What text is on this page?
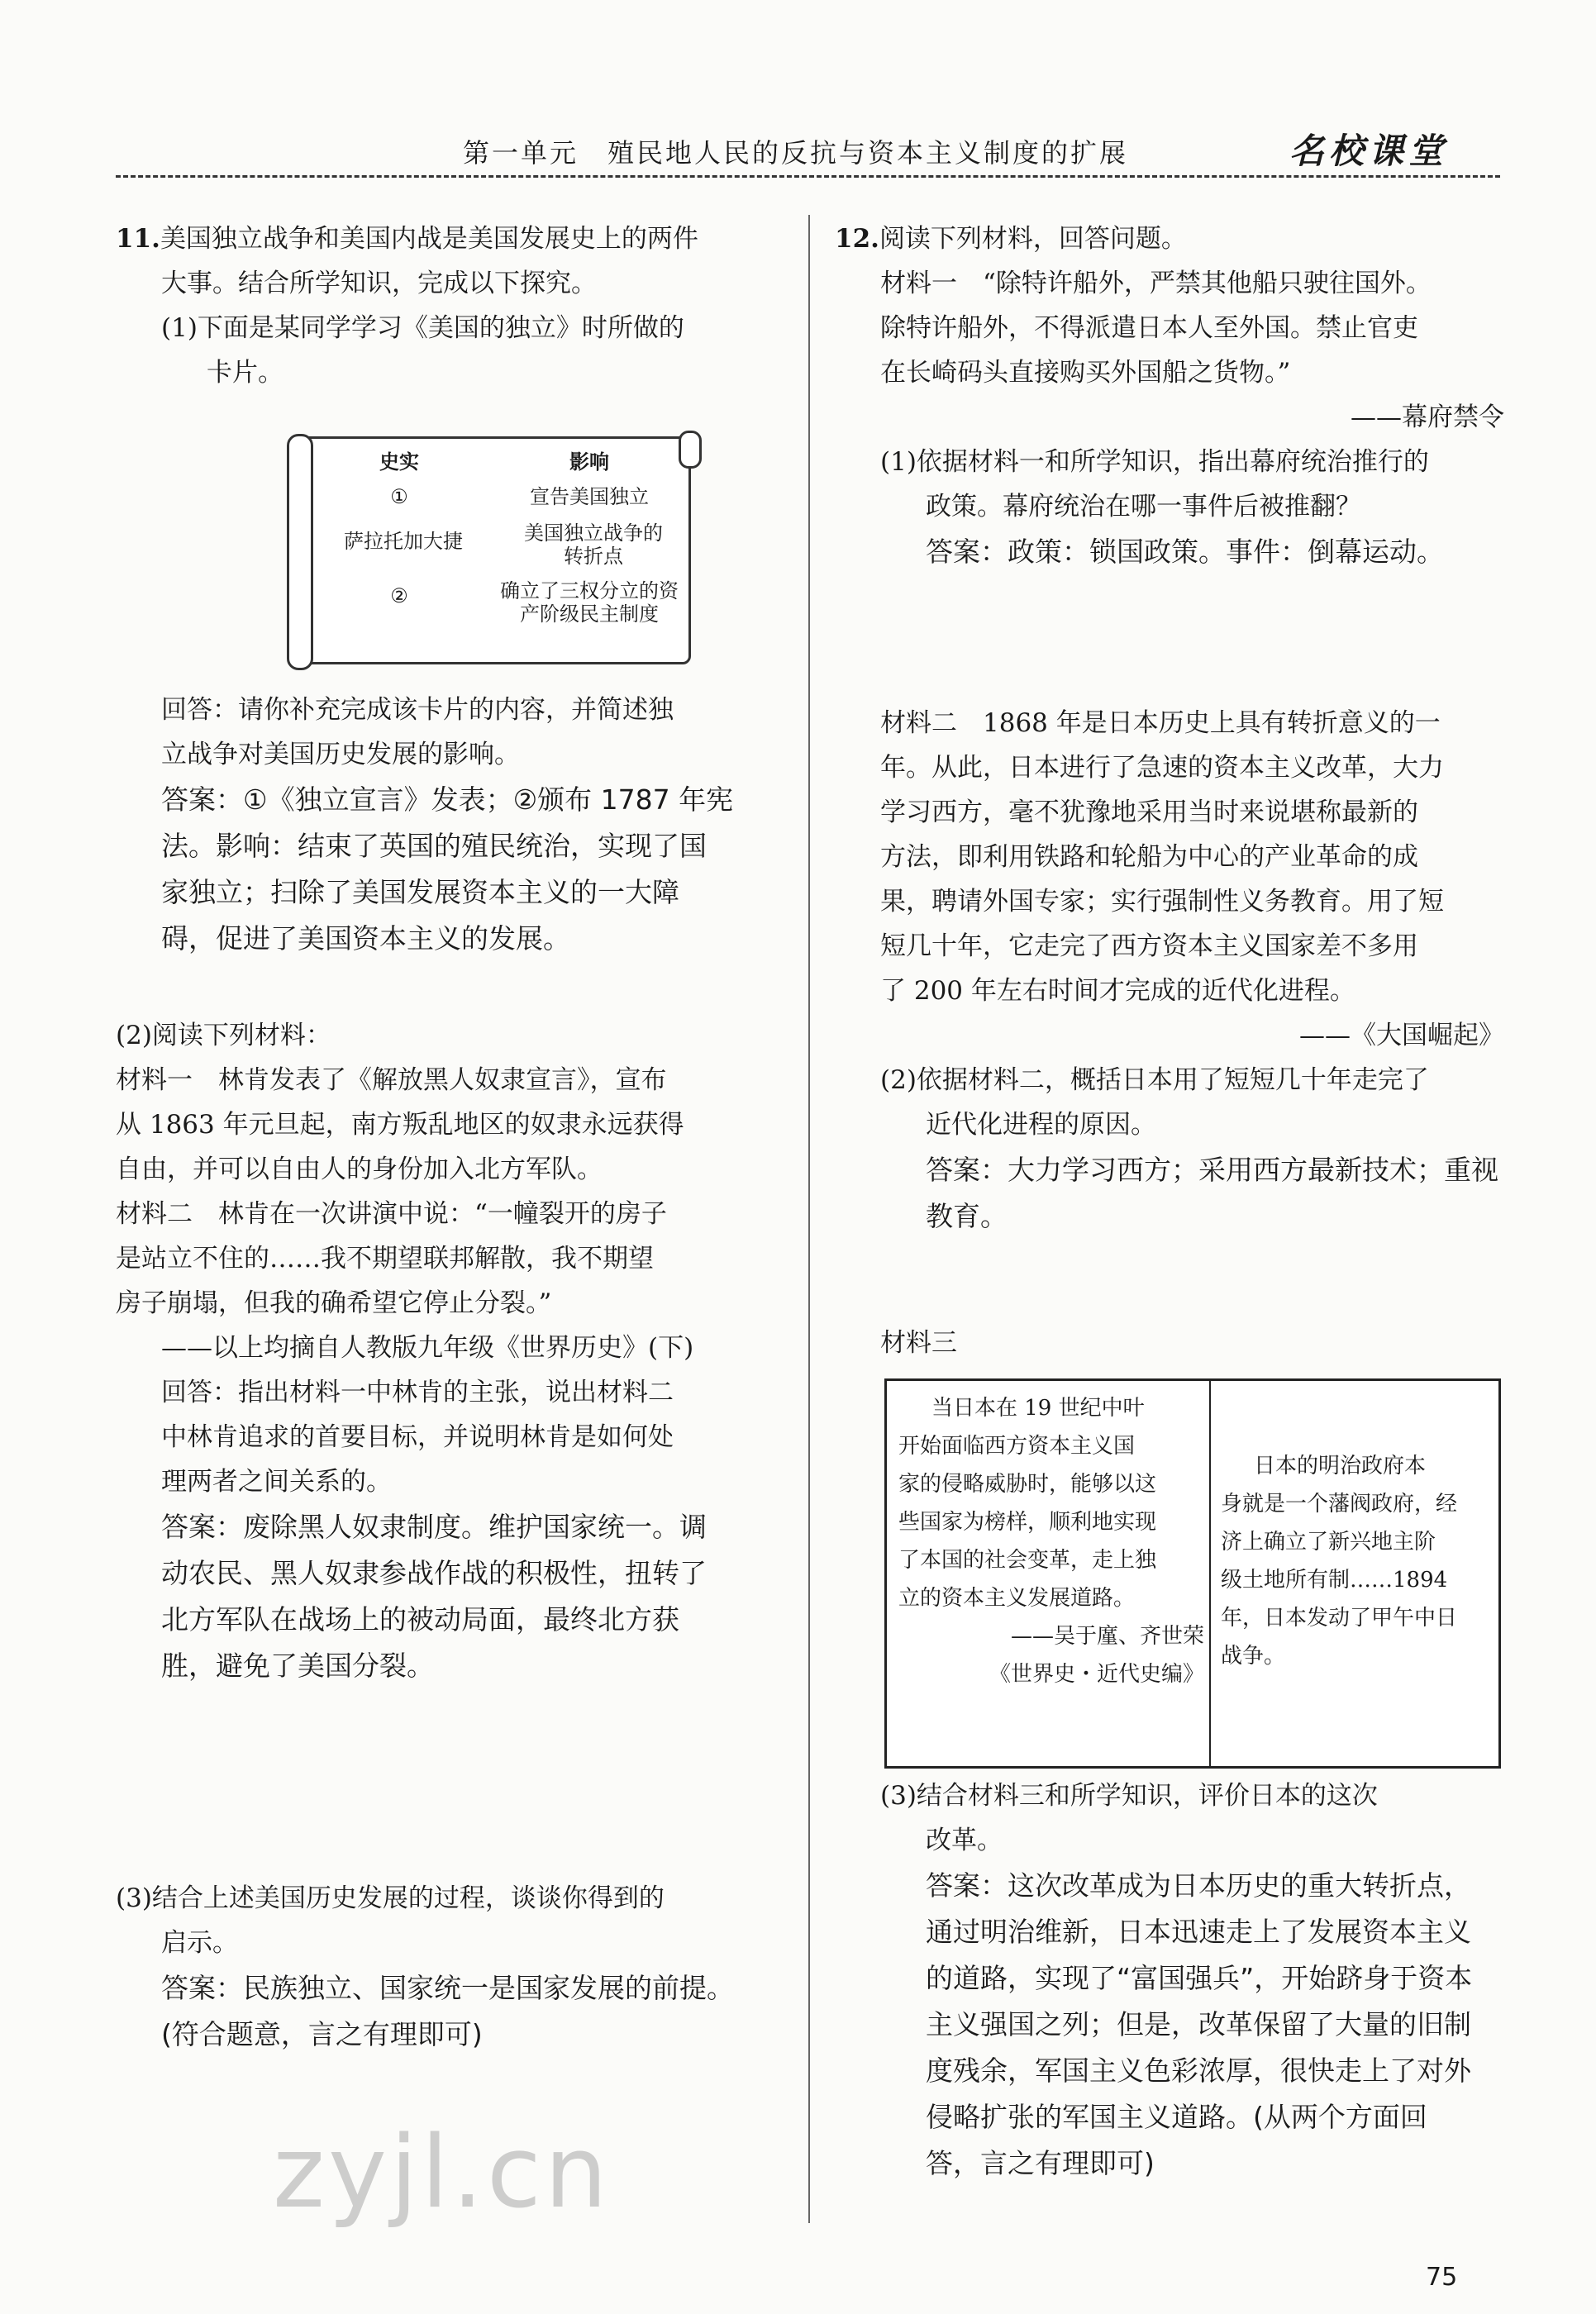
第一单元　殖民地人民的反抗与资本主义制度的扩展	名校课堂

11.美国独立战争和美国内战是美国发展史上的两件

大事。结合所学知识，完成以下探究。

(1)下面是某同学学习《美国的独立》时所做的

卡片。

史实	影响
①	宣告美国独立
萨拉托加大捷	美国独立战争的转折点
②	确立了三权分立的资产阶级民主制度

回答：请你补充完成该卡片的内容，并简述独

立战争对美国历史发展的影响。

答案：①《独立宣言》发表；②颁布 1787 年宪

法。影响：结束了英国的殖民统治，实现了国

家独立；扫除了美国发展资本主义的一大障

碍，促进了美国资本主义的发展。

(2)阅读下列材料：

材料一　林肯发表了《解放黑人奴隶宣言》，宣布

从 1863 年元旦起，南方叛乱地区的奴隶永远获得

自由，并可以自由人的身份加入北方军队。

材料二　林肯在一次讲演中说：“一幢裂开的房子

是站立不住的……我不期望联邦解散，我不期望

房子崩塌，但我的确希望它停止分裂。”

——以上均摘自人教版九年级《世界历史》(下)

回答：指出材料一中林肯的主张，说出材料二

中林肯追求的首要目标，并说明林肯是如何处

理两者之间关系的。

答案：废除黑人奴隶制度。维护国家统一。调

动农民、黑人奴隶参战作战的积极性，扭转了

北方军队在战场上的被动局面，最终北方获

胜，避免了美国分裂。

(3)结合上述美国历史发展的过程，谈谈你得到的

启示。

答案：民族独立、国家统一是国家发展的前提。

(符合题意，言之有理即可)

12.阅读下列材料，回答问题。

材料一　“除特许船外，严禁其他船只驶往国外。

除特许船外，不得派遣日本人至外国。禁止官吏

在长崎码头直接购买外国船之货物。”

——幕府禁令

(1)依据材料一和所学知识，指出幕府统治推行的

政策。幕府统治在哪一事件后被推翻？

答案：政策：锁国政策。事件：倒幕运动。

材料二　1868 年是日本历史上具有转折意义的一

年。从此，日本进行了急速的资本主义改革，大力

学习西方，毫不犹豫地采用当时来说堪称最新的

方法，即利用铁路和轮船为中心的产业革命的成

果，聘请外国专家；实行强制性义务教育。用了短

短几十年，它走完了西方资本主义国家差不多用

了 200 年左右时间才完成的近代化进程。

——《大国崛起》

(2)依据材料二，概括日本用了短短几十年走完了

近代化进程的原因。

答案：大力学习西方；采用西方最新技术；重视

教育。

材料三

当日本在 19 世纪中叶
开始面临西方资本主义国
家的侵略威胁时，能够以这
些国家为榜样，顺利地实现
了本国的社会变革，走上独
立的资本主义发展道路。
——吴于廑、齐世荣
《世界史・近代史编》
日本的明治政府本
身就是一个藩阀政府，经
济上确立了新兴地主阶
级土地所有制……1894
年，日本发动了甲午中日
战争。

(3)结合材料三和所学知识，评价日本的这次

改革。

答案：这次改革成为日本历史的重大转折点，

通过明治维新，日本迅速走上了发展资本主义

的道路，实现了“富国强兵”，开始跻身于资本

主义强国之列；但是，改革保留了大量的旧制

度残余，军国主义色彩浓厚，很快走上了对外

侵略扩张的军国主义道路。(从两个方面回

答，言之有理即可)

zyjl.cn
75
